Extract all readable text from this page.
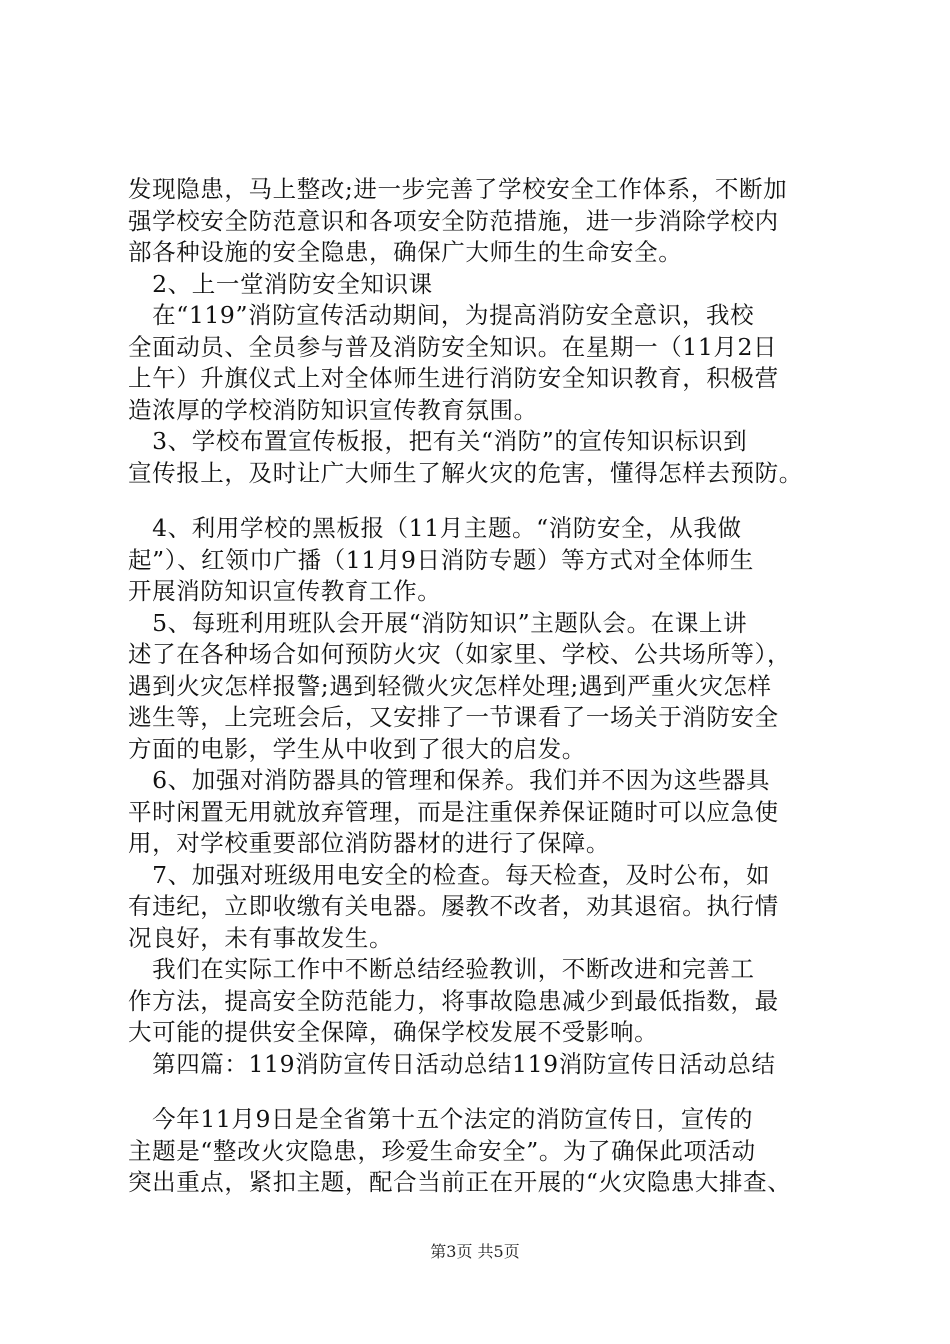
发现隐患，马上整改;进一步完善了学校安全工作体系，不断加
强学校安全防范意识和各项安全防范措施，进一步消除学校内
部各种设施的安全隐患，确保广大师生的生命安全。
　2、上一堂消防安全知识课
　在“119”消防宣传活动期间，为提高消防安全意识，我校
全面动员、全员参与普及消防安全知识。在星期一（11月2日
上午）升旗仪式上对全体师生进行消防安全知识教育，积极营
造浓厚的学校消防知识宣传教育氛围。
　3、学校布置宣传板报，把有关“消防”的宣传知识标识到
宣传报上，及时让广大师生了解火灾的危害，懂得怎样去预防。
　4、利用学校的黑板报（11月主题。“消防安全，从我做
起”）、红领巾广播（11月9日消防专题）等方式对全体师生
开展消防知识宣传教育工作。
　5、每班利用班队会开展“消防知识”主题队会。在课上讲
述了在各种场合如何预防火灾（如家里、学校、公共场所等），
遇到火灾怎样报警;遇到轻微火灾怎样处理;遇到严重火灾怎样
逃生等，上完班会后，又安排了一节课看了一场关于消防安全
方面的电影，学生从中收到了很大的启发。
　6、加强对消防器具的管理和保养。我们并不因为这些器具
平时闲置无用就放弃管理，而是注重保养保证随时可以应急使
用，对学校重要部位消防器材的进行了保障。
　7、加强对班级用电安全的检查。每天检查，及时公布，如
有违纪，立即收缴有关电器。屡教不改者，劝其退宿。执行情
况良好，未有事故发生。
　我们在实际工作中不断总结经验教训，不断改进和完善工
作方法，提高安全防范能力，将事故隐患减少到最低指数，最
大可能的提供安全保障，确保学校发展不受影响。
　第四篇：119消防宣传日活动总结119消防宣传日活动总结
　今年11月9日是全省第十五个法定的消防宣传日，宣传的
主题是“整改火灾隐患，珍爱生命安全”。为了确保此项活动
突出重点，紧扣主题，配合当前正在开展的“火灾隐患大排查、
第3页 共5页
